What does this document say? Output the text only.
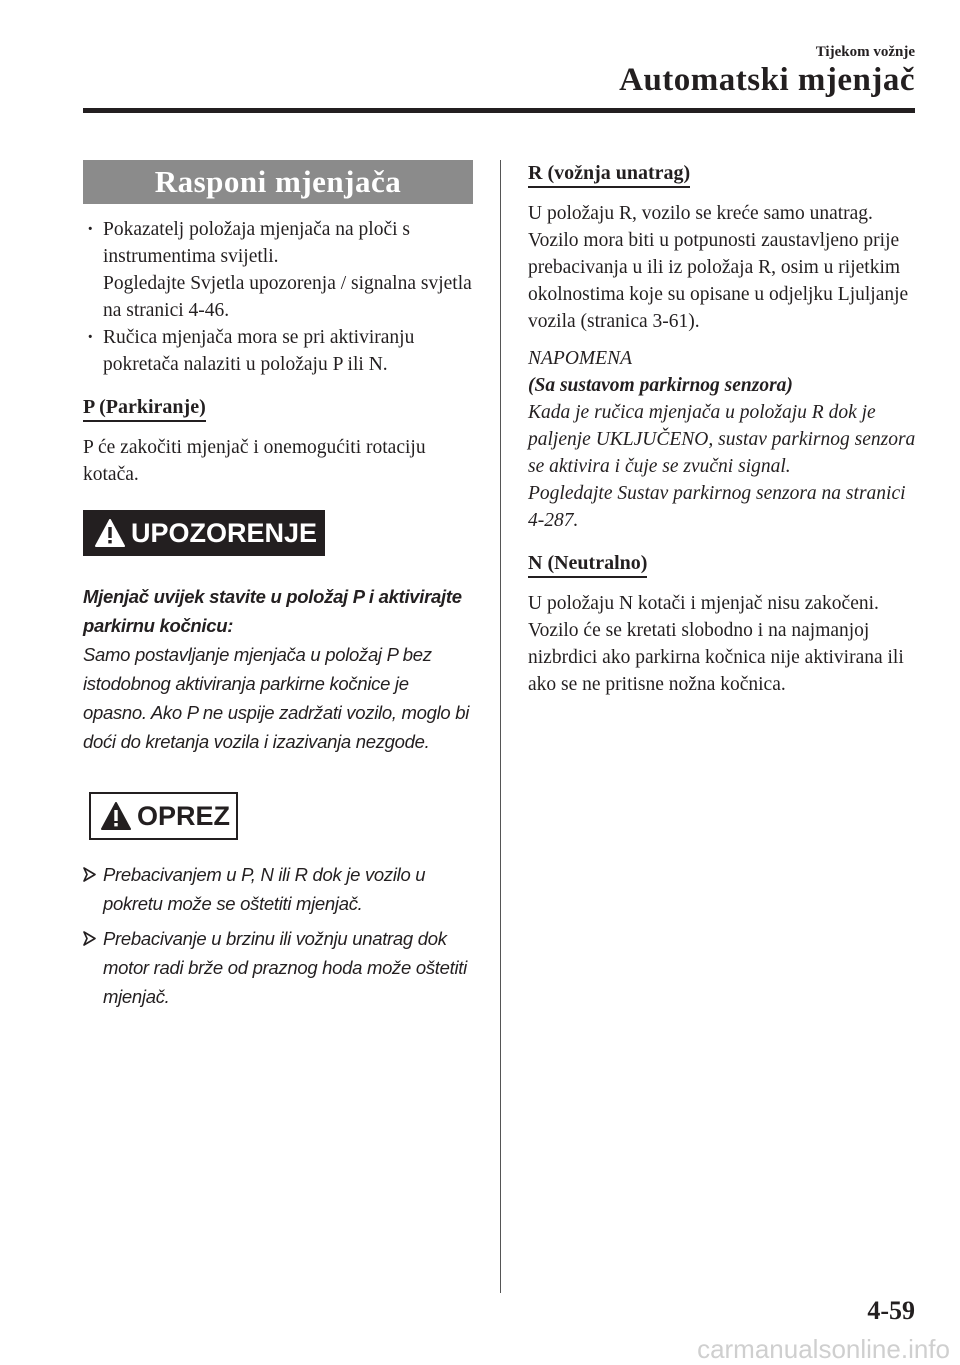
Tijekom vožnje
Automatski mjenjač
Rasponi mjenjača
· Pokazatelj položaja mjenjača na ploči s instrumentima svijetli.
Pogledajte Svjetla upozorenja / signalna svjetla na stranici 4-46.
· Ručica mjenjača mora se pri aktiviranju pokretača nalaziti u položaju P ili N.
P (Parkiranje)
P će zakočiti mjenjač i onemogućiti rotaciju kotača.
UPOZORENJE
Mjenjač uvijek stavite u položaj P i aktivirajte parkirnu kočnicu:
Samo postavljanje mjenjača u položaj P bez istodobnog aktiviranja parkirne kočnice je opasno. Ako P ne uspije zadržati vozilo, moglo bi doći do kretanja vozila i izazivanja nezgode.
OPREZ
Prebacivanjem u P, N ili R dok je vozilo u pokretu može se oštetiti mjenjač.
Prebacivanje u brzinu ili vožnju unatrag dok motor radi brže od praznog hoda može oštetiti mjenjač.
R (vožnja unatrag)
U položaju R, vozilo se kreće samo unatrag. Vozilo mora biti u potpunosti zaustavljeno prije prebacivanja u ili iz položaja R, osim u rijetkim okolnostima koje su opisane u odjeljku Ljuljanje vozila (stranica 3-61).
NAPOMENA
(Sa sustavom parkirnog senzora)
Kada je ručica mjenjača u položaju R dok je paljenje UKLJUČENO, sustav parkirnog senzora se aktivira i čuje se zvučni signal.
Pogledajte Sustav parkirnog senzora na stranici 4-287.
N (Neutralno)
U položaju N kotači i mjenjač nisu zakočeni. Vozilo će se kretati slobodno i na najmanjoj nizbrdici ako parkirna kočnica nije aktivirana ili ako se ne pritisne nožna kočnica.
4-59
carmanualsonline.info
